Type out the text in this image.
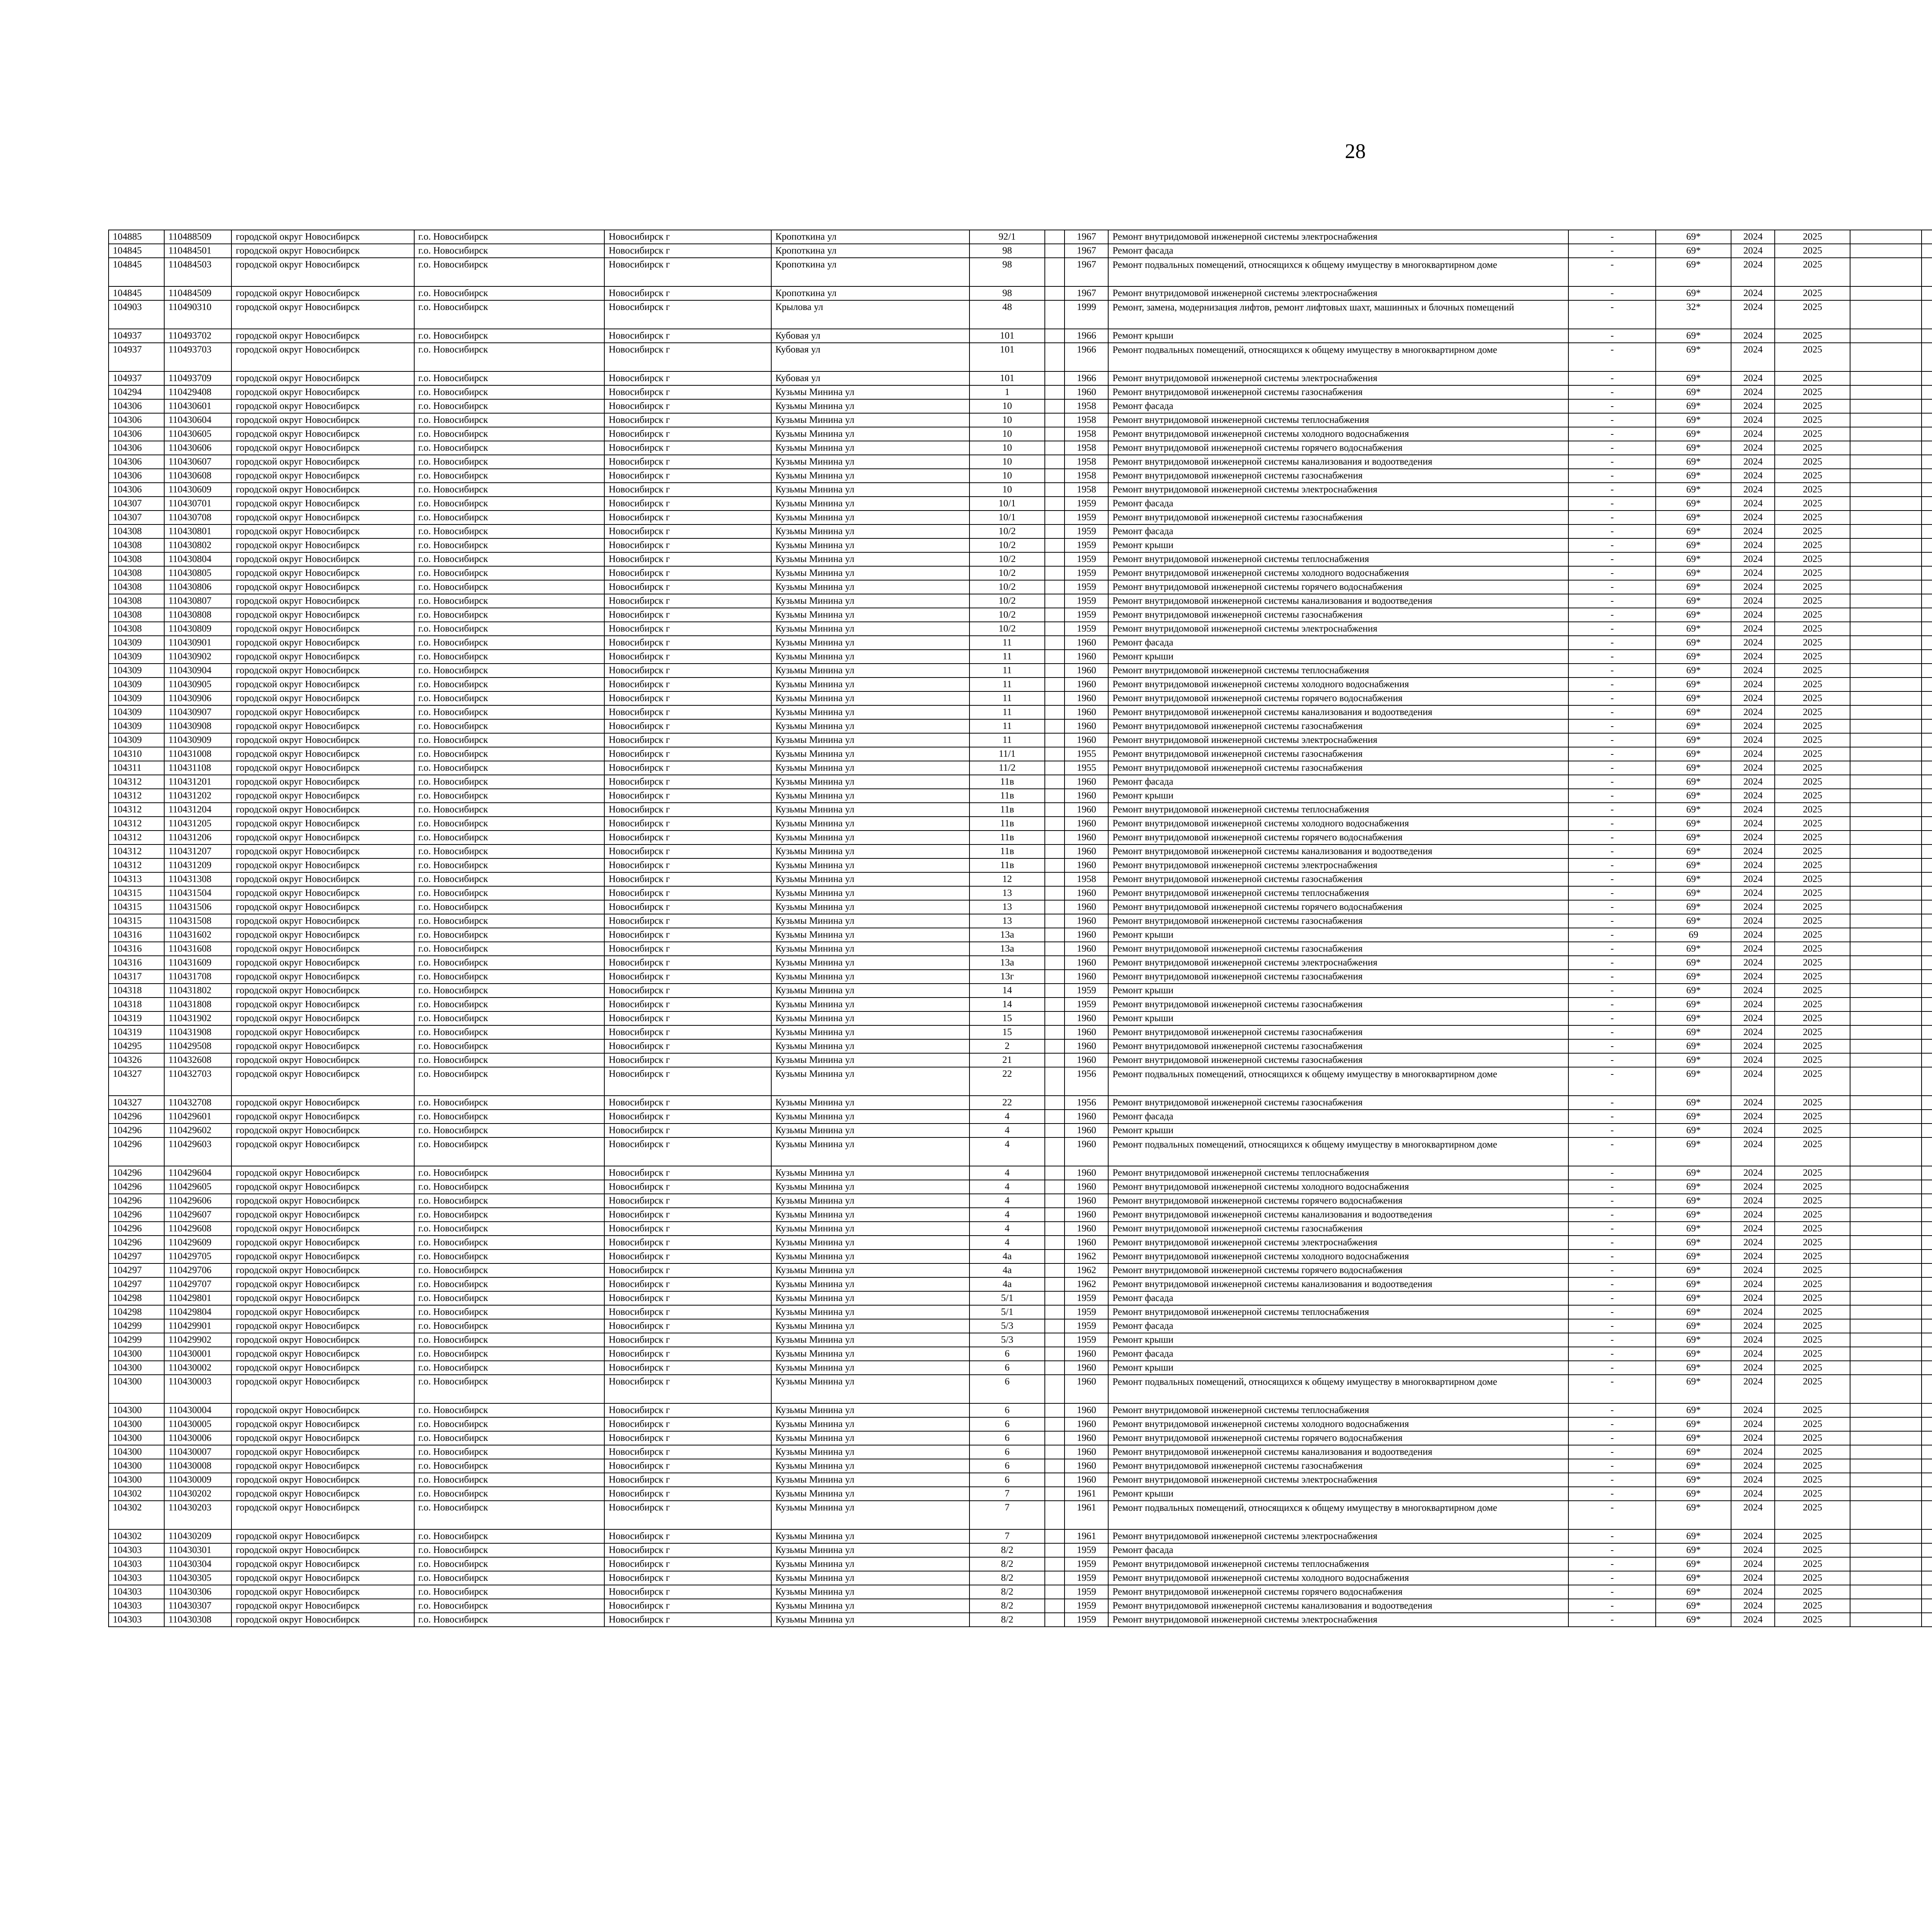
28
104885	110488509	городской округ Новосибирск	г.о. Новосибирск	Новосибирск г	Кропоткина ул	92/1		1967	Ремонт внутридомовой инженерной системы электроснабжения	-	69*	2024	2025									
104845	110484501	городской округ Новосибирск	г.о. Новосибирск	Новосибирск г	Кропоткина ул	98		1967	Ремонт фасада	-	69*	2024	2025									
104845	110484503	городской округ Новосибирск	г.о. Новосибирск	Новосибирск г	Кропоткина ул	98		1967	Ремонт подвальных помещений, относящихся к общему имуществу в многоквартирном доме	-	69*	2024	2025									
104845	110484509	городской округ Новосибирск	г.о. Новосибирск	Новосибирск г	Кропоткина ул	98		1967	Ремонт внутридомовой инженерной системы электроснабжения	-	69*	2024	2025									
104903	110490310	городской округ Новосибирск	г.о. Новосибирск	Новосибирск г	Крылова ул	48		1999	Ремонт, замена, модернизация лифтов, ремонт лифтовых шахт, машинных и блочных помещений	-	32*	2024	2025									
104937	110493702	городской округ Новосибирск	г.о. Новосибирск	Новосибирск г	Кубовая ул	101		1966	Ремонт крыши	-	69*	2024	2025									
104937	110493703	городской округ Новосибирск	г.о. Новосибирск	Новосибирск г	Кубовая ул	101		1966	Ремонт подвальных помещений, относящихся к общему имуществу в многоквартирном доме	-	69*	2024	2025									
104937	110493709	городской округ Новосибирск	г.о. Новосибирск	Новосибирск г	Кубовая ул	101		1966	Ремонт внутридомовой инженерной системы электроснабжения	-	69*	2024	2025									
104294	110429408	городской округ Новосибирск	г.о. Новосибирск	Новосибирск г	Кузьмы Минина ул	1		1960	Ремонт внутридомовой инженерной системы газоснабжения	-	69*	2024	2025									
104306	110430601	городской округ Новосибирск	г.о. Новосибирск	Новосибирск г	Кузьмы Минина ул	10		1958	Ремонт фасада	-	69*	2024	2025									
104306	110430604	городской округ Новосибирск	г.о. Новосибирск	Новосибирск г	Кузьмы Минина ул	10		1958	Ремонт внутридомовой инженерной системы теплоснабжения	-	69*	2024	2025									
104306	110430605	городской округ Новосибирск	г.о. Новосибирск	Новосибирск г	Кузьмы Минина ул	10		1958	Ремонт внутридомовой инженерной системы холодного водоснабжения	-	69*	2024	2025									
104306	110430606	городской округ Новосибирск	г.о. Новосибирск	Новосибирск г	Кузьмы Минина ул	10		1958	Ремонт внутридомовой инженерной системы горячего водоснабжения	-	69*	2024	2025									
104306	110430607	городской округ Новосибирск	г.о. Новосибирск	Новосибирск г	Кузьмы Минина ул	10		1958	Ремонт внутридомовой инженерной системы канализования и водоотведения	-	69*	2024	2025									
104306	110430608	городской округ Новосибирск	г.о. Новосибирск	Новосибирск г	Кузьмы Минина ул	10		1958	Ремонт внутридомовой инженерной системы газоснабжения	-	69*	2024	2025									
104306	110430609	городской округ Новосибирск	г.о. Новосибирск	Новосибирск г	Кузьмы Минина ул	10		1958	Ремонт внутридомовой инженерной системы электроснабжения	-	69*	2024	2025									
104307	110430701	городской округ Новосибирск	г.о. Новосибирск	Новосибирск г	Кузьмы Минина ул	10/1		1959	Ремонт фасада	-	69*	2024	2025									
104307	110430708	городской округ Новосибирск	г.о. Новосибирск	Новосибирск г	Кузьмы Минина ул	10/1		1959	Ремонт внутридомовой инженерной системы газоснабжения	-	69*	2024	2025									
104308	110430801	городской округ Новосибирск	г.о. Новосибирск	Новосибирск г	Кузьмы Минина ул	10/2		1959	Ремонт фасада	-	69*	2024	2025									
104308	110430802	городской округ Новосибирск	г.о. Новосибирск	Новосибирск г	Кузьмы Минина ул	10/2		1959	Ремонт крыши	-	69*	2024	2025									
104308	110430804	городской округ Новосибирск	г.о. Новосибирск	Новосибирск г	Кузьмы Минина ул	10/2		1959	Ремонт внутридомовой инженерной системы теплоснабжения	-	69*	2024	2025									
104308	110430805	городской округ Новосибирск	г.о. Новосибирск	Новосибирск г	Кузьмы Минина ул	10/2		1959	Ремонт внутридомовой инженерной системы холодного водоснабжения	-	69*	2024	2025									
104308	110430806	городской округ Новосибирск	г.о. Новосибирск	Новосибирск г	Кузьмы Минина ул	10/2		1959	Ремонт внутридомовой инженерной системы горячего водоснабжения	-	69*	2024	2025									
104308	110430807	городской округ Новосибирск	г.о. Новосибирск	Новосибирск г	Кузьмы Минина ул	10/2		1959	Ремонт внутридомовой инженерной системы канализования и водоотведения	-	69*	2024	2025									
104308	110430808	городской округ Новосибирск	г.о. Новосибирск	Новосибирск г	Кузьмы Минина ул	10/2		1959	Ремонт внутридомовой инженерной системы газоснабжения	-	69*	2024	2025									
104308	110430809	городской округ Новосибирск	г.о. Новосибирск	Новосибирск г	Кузьмы Минина ул	10/2		1959	Ремонт внутридомовой инженерной системы электроснабжения	-	69*	2024	2025									
104309	110430901	городской округ Новосибирск	г.о. Новосибирск	Новосибирск г	Кузьмы Минина ул	11		1960	Ремонт фасада	-	69*	2024	2025									
104309	110430902	городской округ Новосибирск	г.о. Новосибирск	Новосибирск г	Кузьмы Минина ул	11		1960	Ремонт крыши	-	69*	2024	2025									
104309	110430904	городской округ Новосибирск	г.о. Новосибирск	Новосибирск г	Кузьмы Минина ул	11		1960	Ремонт внутридомовой инженерной системы теплоснабжения	-	69*	2024	2025									
104309	110430905	городской округ Новосибирск	г.о. Новосибирск	Новосибирск г	Кузьмы Минина ул	11		1960	Ремонт внутридомовой инженерной системы холодного водоснабжения	-	69*	2024	2025									
104309	110430906	городской округ Новосибирск	г.о. Новосибирск	Новосибирск г	Кузьмы Минина ул	11		1960	Ремонт внутридомовой инженерной системы горячего водоснабжения	-	69*	2024	2025									
104309	110430907	городской округ Новосибирск	г.о. Новосибирск	Новосибирск г	Кузьмы Минина ул	11		1960	Ремонт внутридомовой инженерной системы канализования и водоотведения	-	69*	2024	2025									
104309	110430908	городской округ Новосибирск	г.о. Новосибирск	Новосибирск г	Кузьмы Минина ул	11		1960	Ремонт внутридомовой инженерной системы газоснабжения	-	69*	2024	2025									
104309	110430909	городской округ Новосибирск	г.о. Новосибирск	Новосибирск г	Кузьмы Минина ул	11		1960	Ремонт внутридомовой инженерной системы электроснабжения	-	69*	2024	2025									
104310	110431008	городской округ Новосибирск	г.о. Новосибирск	Новосибирск г	Кузьмы Минина ул	11/1		1955	Ремонт внутридомовой инженерной системы газоснабжения	-	69*	2024	2025									
104311	110431108	городской округ Новосибирск	г.о. Новосибирск	Новосибирск г	Кузьмы Минина ул	11/2		1955	Ремонт внутридомовой инженерной системы газоснабжения	-	69*	2024	2025									
104312	110431201	городской округ Новосибирск	г.о. Новосибирск	Новосибирск г	Кузьмы Минина ул	11в		1960	Ремонт фасада	-	69*	2024	2025									
104312	110431202	городской округ Новосибирск	г.о. Новосибирск	Новосибирск г	Кузьмы Минина ул	11в		1960	Ремонт крыши	-	69*	2024	2025									
104312	110431204	городской округ Новосибирск	г.о. Новосибирск	Новосибирск г	Кузьмы Минина ул	11в		1960	Ремонт внутридомовой инженерной системы теплоснабжения	-	69*	2024	2025									
104312	110431205	городской округ Новосибирск	г.о. Новосибирск	Новосибирск г	Кузьмы Минина ул	11в		1960	Ремонт внутридомовой инженерной системы холодного водоснабжения	-	69*	2024	2025									
104312	110431206	городской округ Новосибирск	г.о. Новосибирск	Новосибирск г	Кузьмы Минина ул	11в		1960	Ремонт внутридомовой инженерной системы горячего водоснабжения	-	69*	2024	2025									
104312	110431207	городской округ Новосибирск	г.о. Новосибирск	Новосибирск г	Кузьмы Минина ул	11в		1960	Ремонт внутридомовой инженерной системы канализования и водоотведения	-	69*	2024	2025									
104312	110431209	городской округ Новосибирск	г.о. Новосибирск	Новосибирск г	Кузьмы Минина ул	11в		1960	Ремонт внутридомовой инженерной системы электроснабжения	-	69*	2024	2025									
104313	110431308	городской округ Новосибирск	г.о. Новосибирск	Новосибирск г	Кузьмы Минина ул	12		1958	Ремонт внутридомовой инженерной системы газоснабжения	-	69*	2024	2025									
104315	110431504	городской округ Новосибирск	г.о. Новосибирск	Новосибирск г	Кузьмы Минина ул	13		1960	Ремонт внутридомовой инженерной системы теплоснабжения	-	69*	2024	2025									
104315	110431506	городской округ Новосибирск	г.о. Новосибирск	Новосибирск г	Кузьмы Минина ул	13		1960	Ремонт внутридомовой инженерной системы горячего водоснабжения	-	69*	2024	2025									
104315	110431508	городской округ Новосибирск	г.о. Новосибирск	Новосибирск г	Кузьмы Минина ул	13		1960	Ремонт внутридомовой инженерной системы газоснабжения	-	69*	2024	2025									
104316	110431602	городской округ Новосибирск	г.о. Новосибирск	Новосибирск г	Кузьмы Минина ул	13а		1960	Ремонт крыши	-	69	2024	2025									
104316	110431608	городской округ Новосибирск	г.о. Новосибирск	Новосибирск г	Кузьмы Минина ул	13а		1960	Ремонт внутридомовой инженерной системы газоснабжения	-	69*	2024	2025									
104316	110431609	городской округ Новосибирск	г.о. Новосибирск	Новосибирск г	Кузьмы Минина ул	13а		1960	Ремонт внутридомовой инженерной системы электроснабжения	-	69*	2024	2025									
104317	110431708	городской округ Новосибирск	г.о. Новосибирск	Новосибирск г	Кузьмы Минина ул	13г		1960	Ремонт внутридомовой инженерной системы газоснабжения	-	69*	2024	2025									
104318	110431802	городской округ Новосибирск	г.о. Новосибирск	Новосибирск г	Кузьмы Минина ул	14		1959	Ремонт крыши	-	69*	2024	2025									
104318	110431808	городской округ Новосибирск	г.о. Новосибирск	Новосибирск г	Кузьмы Минина ул	14		1959	Ремонт внутридомовой инженерной системы газоснабжения	-	69*	2024	2025									
104319	110431902	городской округ Новосибирск	г.о. Новосибирск	Новосибирск г	Кузьмы Минина ул	15		1960	Ремонт крыши	-	69*	2024	2025									
104319	110431908	городской округ Новосибирск	г.о. Новосибирск	Новосибирск г	Кузьмы Минина ул	15		1960	Ремонт внутридомовой инженерной системы газоснабжения	-	69*	2024	2025									
104295	110429508	городской округ Новосибирск	г.о. Новосибирск	Новосибирск г	Кузьмы Минина ул	2		1960	Ремонт внутридомовой инженерной системы газоснабжения	-	69*	2024	2025									
104326	110432608	городской округ Новосибирск	г.о. Новосибирск	Новосибирск г	Кузьмы Минина ул	21		1960	Ремонт внутридомовой инженерной системы газоснабжения	-	69*	2024	2025									
104327	110432703	городской округ Новосибирск	г.о. Новосибирск	Новосибирск г	Кузьмы Минина ул	22		1956	Ремонт подвальных помещений, относящихся к общему имуществу в многоквартирном доме	-	69*	2024	2025									
104327	110432708	городской округ Новосибирск	г.о. Новосибирск	Новосибирск г	Кузьмы Минина ул	22		1956	Ремонт внутридомовой инженерной системы газоснабжения	-	69*	2024	2025									
104296	110429601	городской округ Новосибирск	г.о. Новосибирск	Новосибирск г	Кузьмы Минина ул	4		1960	Ремонт фасада	-	69*	2024	2025									
104296	110429602	городской округ Новосибирск	г.о. Новосибирск	Новосибирск г	Кузьмы Минина ул	4		1960	Ремонт крыши	-	69*	2024	2025									
104296	110429603	городской округ Новосибирск	г.о. Новосибирск	Новосибирск г	Кузьмы Минина ул	4		1960	Ремонт подвальных помещений, относящихся к общему имуществу в многоквартирном доме	-	69*	2024	2025									
104296	110429604	городской округ Новосибирск	г.о. Новосибирск	Новосибирск г	Кузьмы Минина ул	4		1960	Ремонт внутридомовой инженерной системы теплоснабжения	-	69*	2024	2025									
104296	110429605	городской округ Новосибирск	г.о. Новосибирск	Новосибирск г	Кузьмы Минина ул	4		1960	Ремонт внутридомовой инженерной системы холодного водоснабжения	-	69*	2024	2025									
104296	110429606	городской округ Новосибирск	г.о. Новосибирск	Новосибирск г	Кузьмы Минина ул	4		1960	Ремонт внутридомовой инженерной системы горячего водоснабжения	-	69*	2024	2025									
104296	110429607	городской округ Новосибирск	г.о. Новосибирск	Новосибирск г	Кузьмы Минина ул	4		1960	Ремонт внутридомовой инженерной системы канализования и водоотведения	-	69*	2024	2025									
104296	110429608	городской округ Новосибирск	г.о. Новосибирск	Новосибирск г	Кузьмы Минина ул	4		1960	Ремонт внутридомовой инженерной системы газоснабжения	-	69*	2024	2025									
104296	110429609	городской округ Новосибирск	г.о. Новосибирск	Новосибирск г	Кузьмы Минина ул	4		1960	Ремонт внутридомовой инженерной системы электроснабжения	-	69*	2024	2025									
104297	110429705	городской округ Новосибирск	г.о. Новосибирск	Новосибирск г	Кузьмы Минина ул	4а		1962	Ремонт внутридомовой инженерной системы холодного водоснабжения	-	69*	2024	2025									
104297	110429706	городской округ Новосибирск	г.о. Новосибирск	Новосибирск г	Кузьмы Минина ул	4а		1962	Ремонт внутридомовой инженерной системы горячего водоснабжения	-	69*	2024	2025									
104297	110429707	городской округ Новосибирск	г.о. Новосибирск	Новосибирск г	Кузьмы Минина ул	4а		1962	Ремонт внутридомовой инженерной системы канализования и водоотведения	-	69*	2024	2025									
104298	110429801	городской округ Новосибирск	г.о. Новосибирск	Новосибирск г	Кузьмы Минина ул	5/1		1959	Ремонт фасада	-	69*	2024	2025									
104298	110429804	городской округ Новосибирск	г.о. Новосибирск	Новосибирск г	Кузьмы Минина ул	5/1		1959	Ремонт внутридомовой инженерной системы теплоснабжения	-	69*	2024	2025									
104299	110429901	городской округ Новосибирск	г.о. Новосибирск	Новосибирск г	Кузьмы Минина ул	5/3		1959	Ремонт фасада	-	69*	2024	2025									
104299	110429902	городской округ Новосибирск	г.о. Новосибирск	Новосибирск г	Кузьмы Минина ул	5/3		1959	Ремонт крыши	-	69*	2024	2025									
104300	110430001	городской округ Новосибирск	г.о. Новосибирск	Новосибирск г	Кузьмы Минина ул	6		1960	Ремонт фасада	-	69*	2024	2025									
104300	110430002	городской округ Новосибирск	г.о. Новосибирск	Новосибирск г	Кузьмы Минина ул	6		1960	Ремонт крыши	-	69*	2024	2025									
104300	110430003	городской округ Новосибирск	г.о. Новосибирск	Новосибирск г	Кузьмы Минина ул	6		1960	Ремонт подвальных помещений, относящихся к общему имуществу в многоквартирном доме	-	69*	2024	2025									
104300	110430004	городской округ Новосибирск	г.о. Новосибирск	Новосибирск г	Кузьмы Минина ул	6		1960	Ремонт внутридомовой инженерной системы теплоснабжения	-	69*	2024	2025									
104300	110430005	городской округ Новосибирск	г.о. Новосибирск	Новосибирск г	Кузьмы Минина ул	6		1960	Ремонт внутридомовой инженерной системы холодного водоснабжения	-	69*	2024	2025									
104300	110430006	городской округ Новосибирск	г.о. Новосибирск	Новосибирск г	Кузьмы Минина ул	6		1960	Ремонт внутридомовой инженерной системы горячего водоснабжения	-	69*	2024	2025									
104300	110430007	городской округ Новосибирск	г.о. Новосибирск	Новосибирск г	Кузьмы Минина ул	6		1960	Ремонт внутридомовой инженерной системы канализования и водоотведения	-	69*	2024	2025									
104300	110430008	городской округ Новосибирск	г.о. Новосибирск	Новосибирск г	Кузьмы Минина ул	6		1960	Ремонт внутридомовой инженерной системы газоснабжения	-	69*	2024	2025									
104300	110430009	городской округ Новосибирск	г.о. Новосибирск	Новосибирск г	Кузьмы Минина ул	6		1960	Ремонт внутридомовой инженерной системы электроснабжения	-	69*	2024	2025									
104302	110430202	городской округ Новосибирск	г.о. Новосибирск	Новосибирск г	Кузьмы Минина ул	7		1961	Ремонт крыши	-	69*	2024	2025									
104302	110430203	городской округ Новосибирск	г.о. Новосибирск	Новосибирск г	Кузьмы Минина ул	7		1961	Ремонт подвальных помещений, относящихся к общему имуществу в многоквартирном доме	-	69*	2024	2025									
104302	110430209	городской округ Новосибирск	г.о. Новосибирск	Новосибирск г	Кузьмы Минина ул	7		1961	Ремонт внутридомовой инженерной системы электроснабжения	-	69*	2024	2025									
104303	110430301	городской округ Новосибирск	г.о. Новосибирск	Новосибирск г	Кузьмы Минина ул	8/2		1959	Ремонт фасада	-	69*	2024	2025									
104303	110430304	городской округ Новосибирск	г.о. Новосибирск	Новосибирск г	Кузьмы Минина ул	8/2		1959	Ремонт внутридомовой инженерной системы теплоснабжения	-	69*	2024	2025									
104303	110430305	городской округ Новосибирск	г.о. Новосибирск	Новосибирск г	Кузьмы Минина ул	8/2		1959	Ремонт внутридомовой инженерной системы холодного водоснабжения	-	69*	2024	2025									
104303	110430306	городской округ Новосибирск	г.о. Новосибирск	Новосибирск г	Кузьмы Минина ул	8/2		1959	Ремонт внутридомовой инженерной системы горячего водоснабжения	-	69*	2024	2025									
104303	110430307	городской округ Новосибирск	г.о. Новосибирск	Новосибирск г	Кузьмы Минина ул	8/2		1959	Ремонт внутридомовой инженерной системы канализования и водоотведения	-	69*	2024	2025									
104303	110430308	городской округ Новосибирск	г.о. Новосибирск	Новосибирск г	Кузьмы Минина ул	8/2		1959	Ремонт внутридомовой инженерной системы электроснабжения	-	69*	2024	2025									
